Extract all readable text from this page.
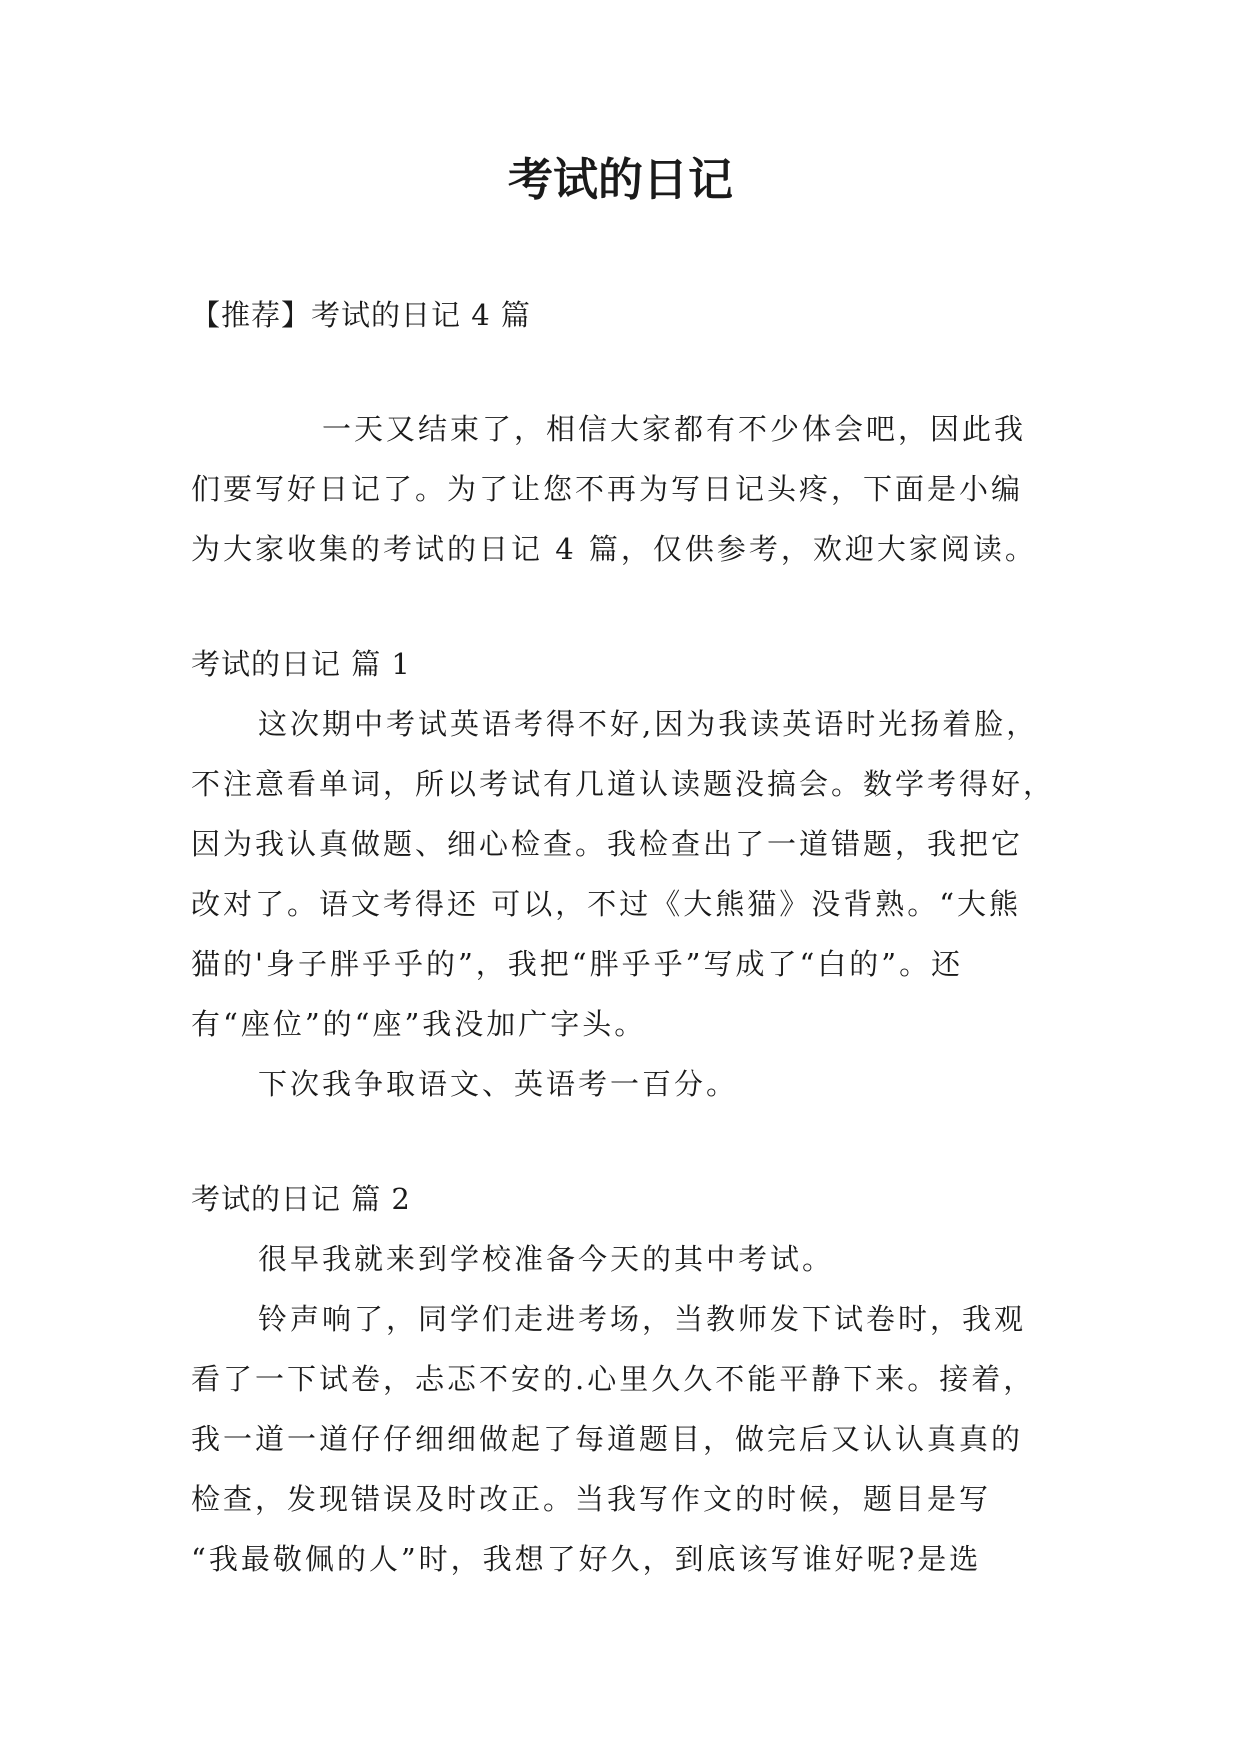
考试的日记

【推荐】考试的日记 4 篇

一天又结束了，相信大家都有不少体会吧，因此我

们要写好日记了。为了让您不再为写日记头疼，下面是小编

为大家收集的考试的日记 4 篇，仅供参考，欢迎大家阅读。

考试的日记 篇 1

这次期中考试英语考得不好,因为我读英语时光扬着脸，

不注意看单词，所以考试有几道认读题没搞会。数学考得好，

因为我认真做题、细心检查。我检查出了一道错题，我把它

改对了。语文考得还 可以，不过《大熊猫》没背熟。“大熊

猫的'身子胖乎乎的”，我把“胖乎乎”写成了“白的”。还

有“座位”的“座”我没加广字头。

下次我争取语文、英语考一百分。

考试的日记 篇 2

很早我就来到学校准备今天的其中考试。

铃声响了，同学们走进考场，当教师发下试卷时，我观

看了一下试卷，忐忑不安的.心里久久不能平静下来。接着，

我一道一道仔仔细细做起了每道题目，做完后又认认真真的

检查，发现错误及时改正。当我写作文的时候，题目是写

“我最敬佩的人”时，我想了好久，到底该写谁好呢?是选
